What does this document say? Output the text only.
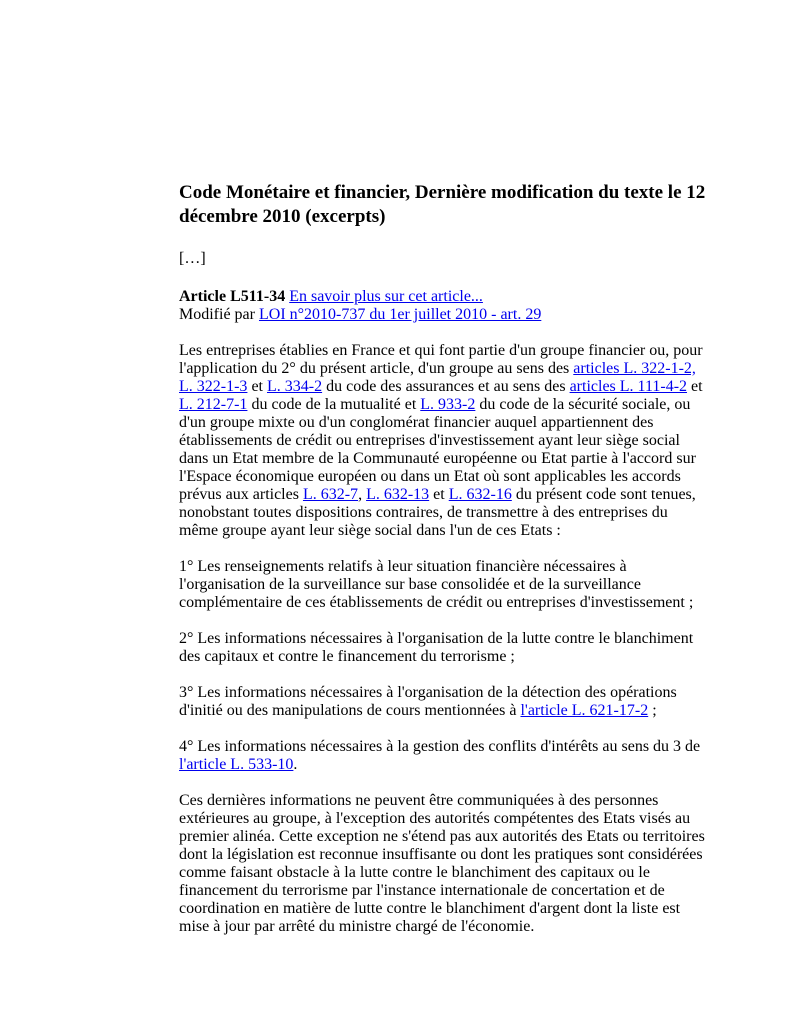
Code Monétaire et financier, Dernière modification du texte le 12 décembre 2010 (excerpts)
[…]
Article L511-34 En savoir plus sur cet article...
Modifié par LOI n°2010-737 du 1er juillet 2010 - art. 29

Les entreprises établies en France et qui font partie d'un groupe financier ou, pour l'application du 2° du présent article, d'un groupe au sens des articles L. 322-1-2, L. 322-1-3 et L. 334-2 du code des assurances et au sens des articles L. 111-4-2 et L. 212-7-1 du code de la mutualité et L. 933-2 du code de la sécurité sociale, ou d'un groupe mixte ou d'un conglomérat financier auquel appartiennent des établissements de crédit ou entreprises d'investissement ayant leur siège social dans un Etat membre de la Communauté européenne ou Etat partie à l'accord sur l'Espace économique européen ou dans un Etat où sont applicables les accords prévus aux articles L. 632-7, L. 632-13 et L. 632-16 du présent code sont tenues, nonobstant toutes dispositions contraires, de transmettre à des entreprises du même groupe ayant leur siège social dans l'un de ces Etats :

1° Les renseignements relatifs à leur situation financière nécessaires à l'organisation de la surveillance sur base consolidée et de la surveillance complémentaire de ces établissements de crédit ou entreprises d'investissement ;

2° Les informations nécessaires à l'organisation de la lutte contre le blanchiment des capitaux et contre le financement du terrorisme ;

3° Les informations nécessaires à l'organisation de la détection des opérations d'initié ou des manipulations de cours mentionnées à l'article L. 621-17-2 ;

4° Les informations nécessaires à la gestion des conflits d'intérêts au sens du 3 de l'article L. 533-10.

Ces dernières informations ne peuvent être communiquées à des personnes extérieures au groupe, à l'exception des autorités compétentes des Etats visés au premier alinéa. Cette exception ne s'étend pas aux autorités des Etats ou territoires dont la législation est reconnue insuffisante ou dont les pratiques sont considérées comme faisant obstacle à la lutte contre le blanchiment des capitaux ou le financement du terrorisme par l'instance internationale de concertation et de coordination en matière de lutte contre le blanchiment d'argent dont la liste est mise à jour par arrêté du ministre chargé de l'économie.
